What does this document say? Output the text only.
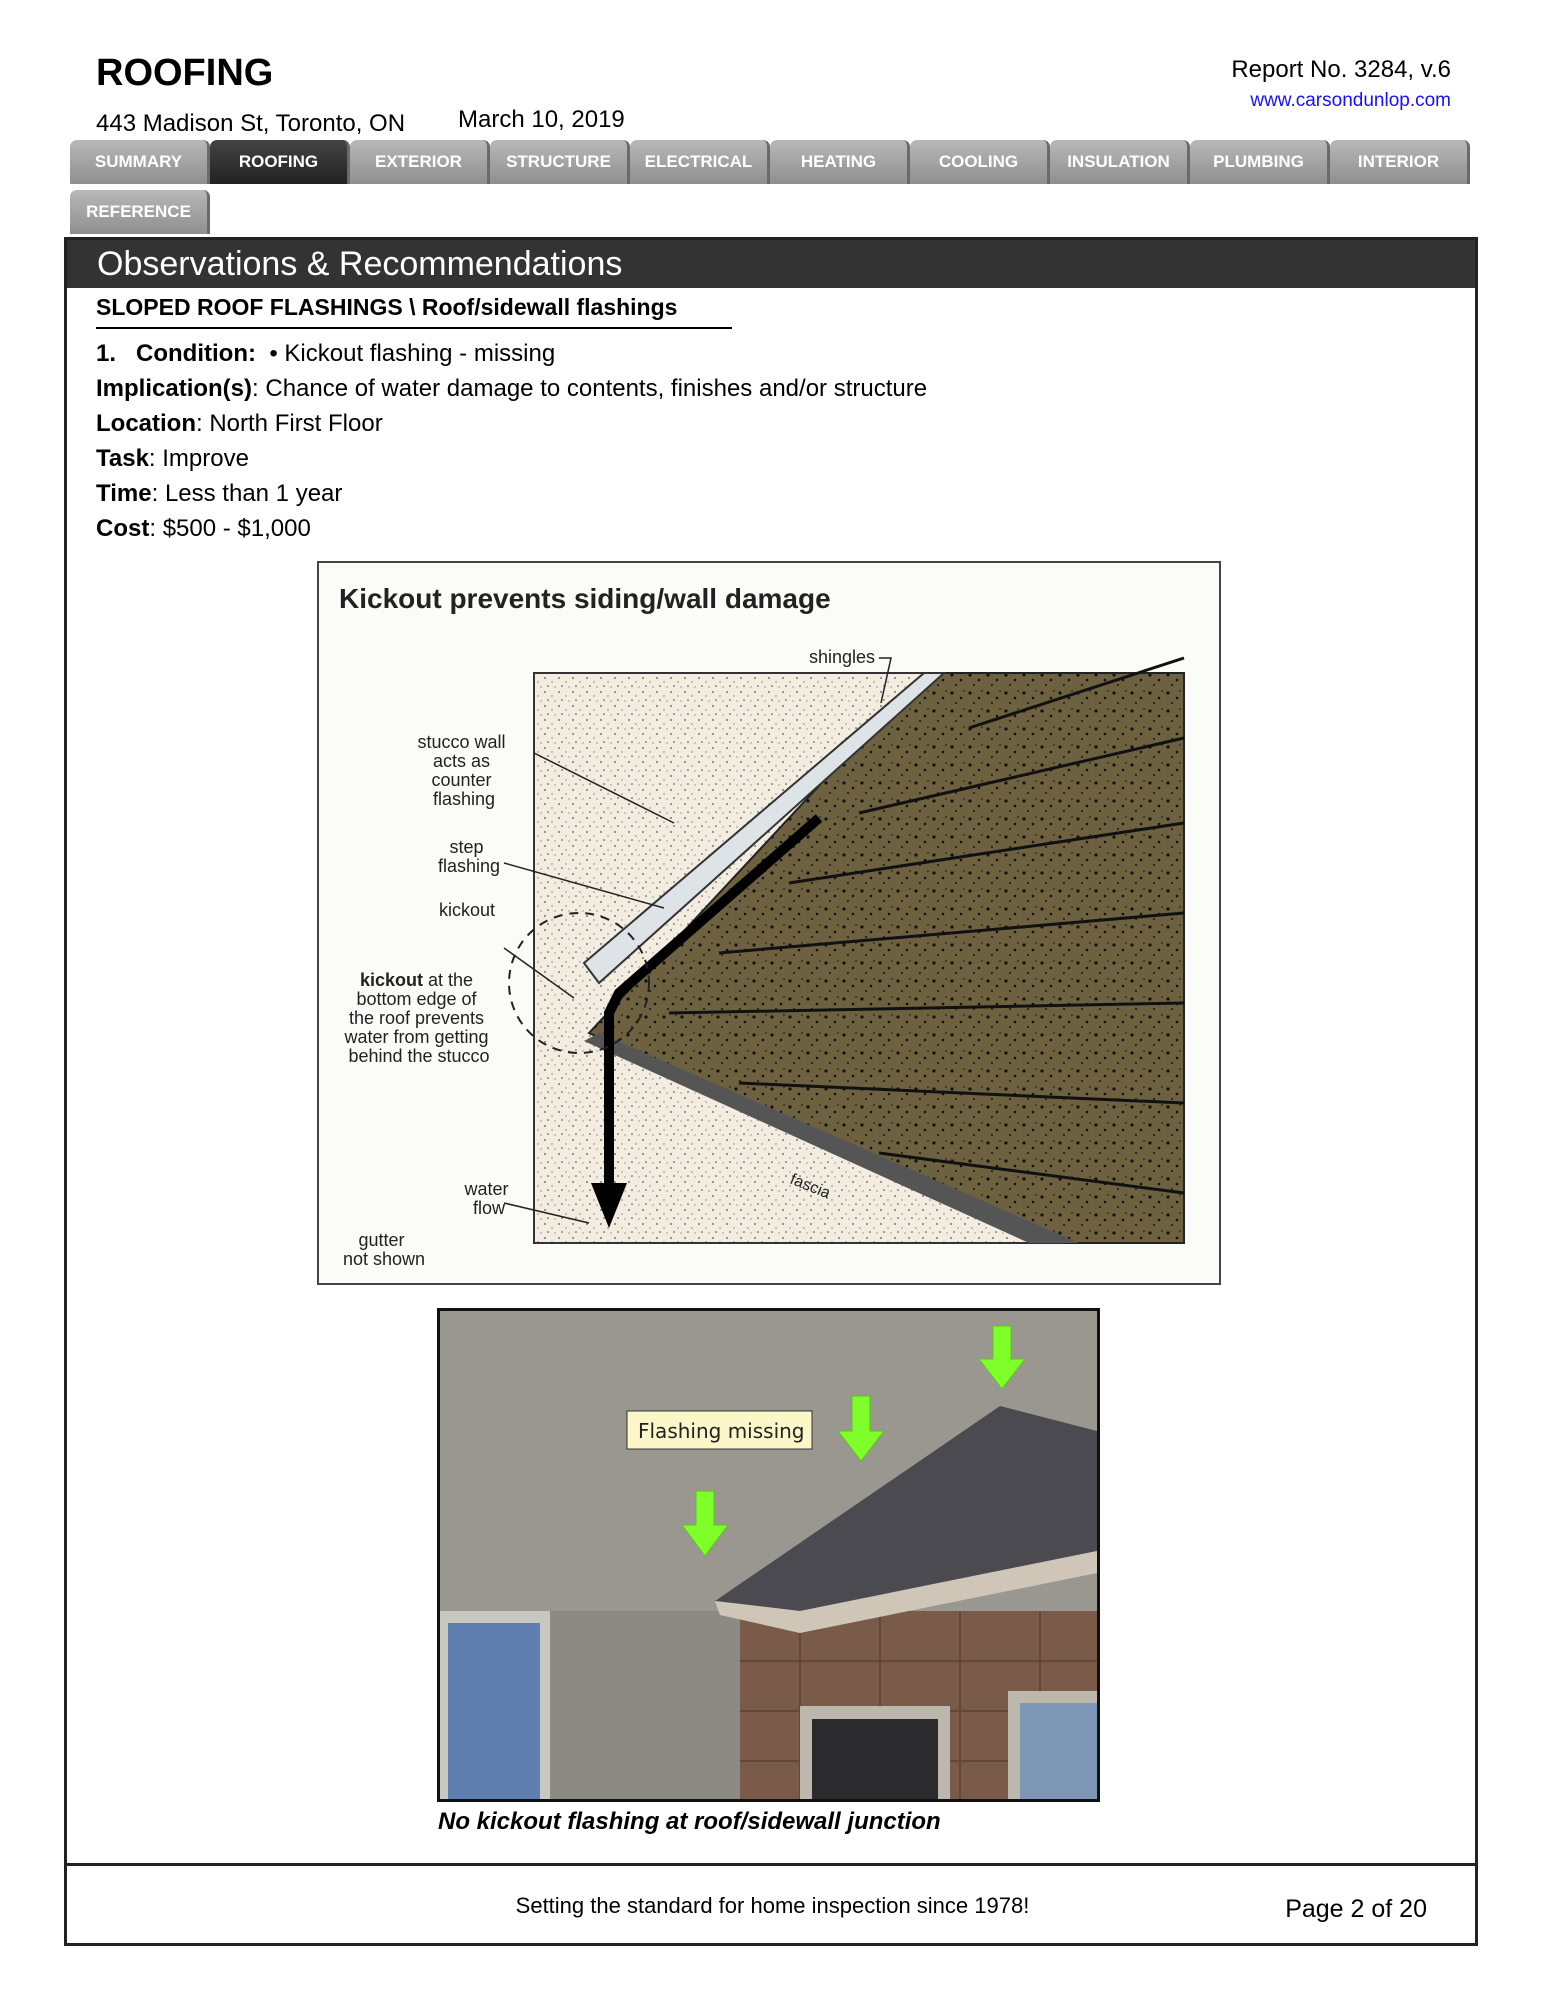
ROOFING
443 Madison St, Toronto, ON March 10, 2019
Report No. 3284, v.6
www.carsondunlop.com
SUMMARY	ROOFING	EXTERIOR	STRUCTURE	ELECTRICAL	HEATING	COOLING	INSULATION	PLUMBING	INTERIOR
REFERENCE
Observations & Recommendations
SLOPED ROOF FLASHINGS \ Roof/sidewall flashings
1. Condition:  • Kickout flashing - missing
Implication(s): Chance of water damage to contents, finishes and/or structure
Location: North First Floor
Task: Improve
Time: Less than 1 year
Cost: $500 - $1,000
Kickout prevents siding/wall damage
fascia
shingles
stucco wall acts as counter flashing
step flashing
kickout
kickout at the bottom edge of the roof prevents water from getting behind the stucco
water flow
gutter not shown
Flashing missing
No kickout flashing at roof/sidewall junction
Setting the standard for home inspection since 1978!	Page 2 of 20
